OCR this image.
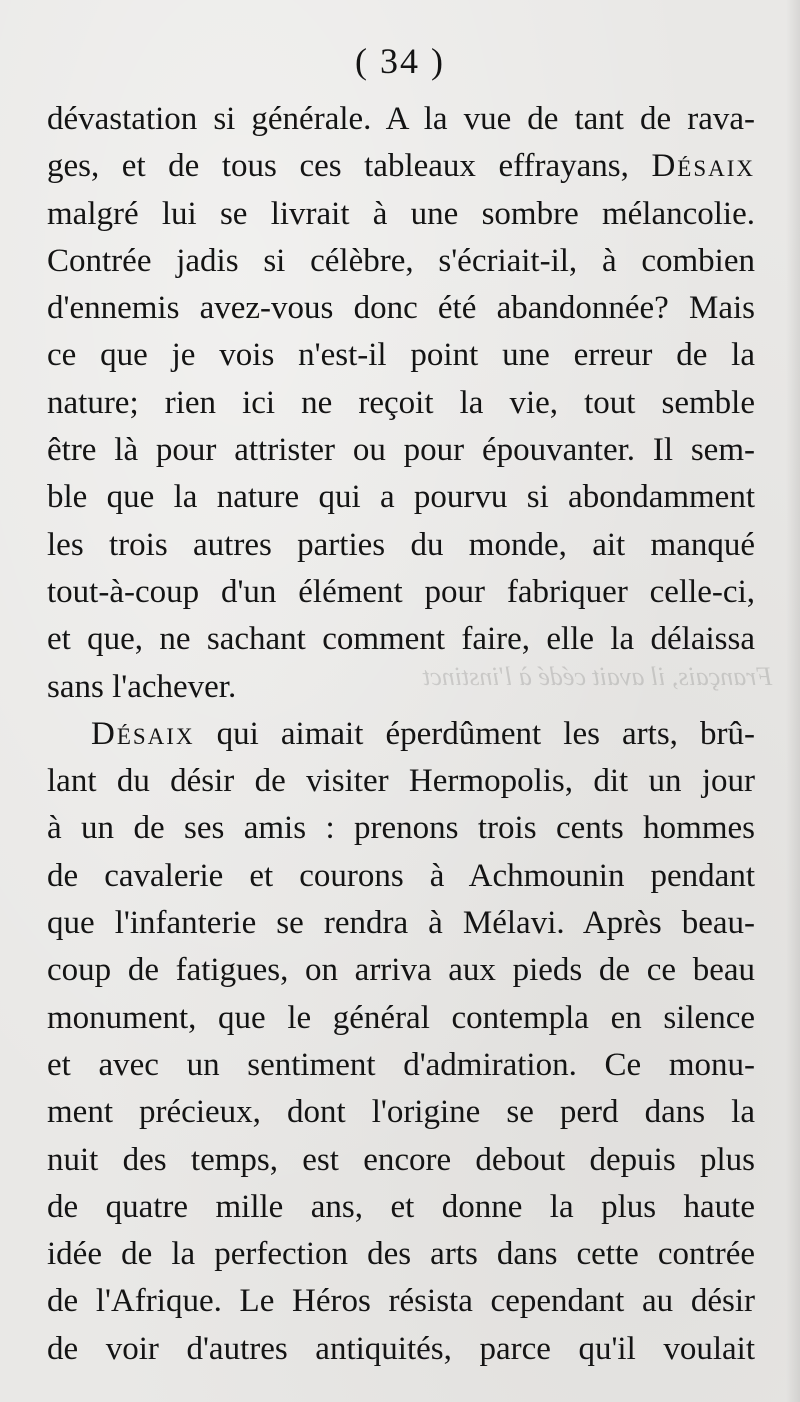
( 34 )
dévastation si générale. A la vue de tant de rava-
ges, et de tous ces tableaux effrayans, Désaix
malgré lui se livrait à une sombre mélancolie.
Contrée jadis si célèbre, s'écriait-il, à combien
d'ennemis avez-vous donc été abandonnée? Mais
ce que je vois n'est-il point une erreur de la
nature; rien ici ne reçoit la vie, tout semble
être là pour attrister ou pour épouvanter. Il sem-
ble que la nature qui a pourvu si abondamment
les trois autres parties du monde, ait manqué
tout-à-coup d'un élément pour fabriquer celle-ci,
et que, ne sachant comment faire, elle la délaissa
sans l'achever.
Désaix qui aimait éperdûment les arts, brû-
lant du désir de visiter Hermopolis, dit un jour
à un de ses amis : prenons trois cents hommes
de cavalerie et courons à Achmounin pendant
que l'infanterie se rendra à Mélavi. Après beau-
coup de fatigues, on arriva aux pieds de ce beau
monument, que le général contempla en silence
et avec un sentiment d'admiration. Ce monu-
ment précieux, dont l'origine se perd dans la
nuit des temps, est encore debout depuis plus
de quatre mille ans, et donne la plus haute
idée de la perfection des arts dans cette contrée
de l'Afrique. Le Héros résista cependant au désir
de voir d'autres antiquités, parce qu'il voulait
Français, il avait cédé à l'instinct
